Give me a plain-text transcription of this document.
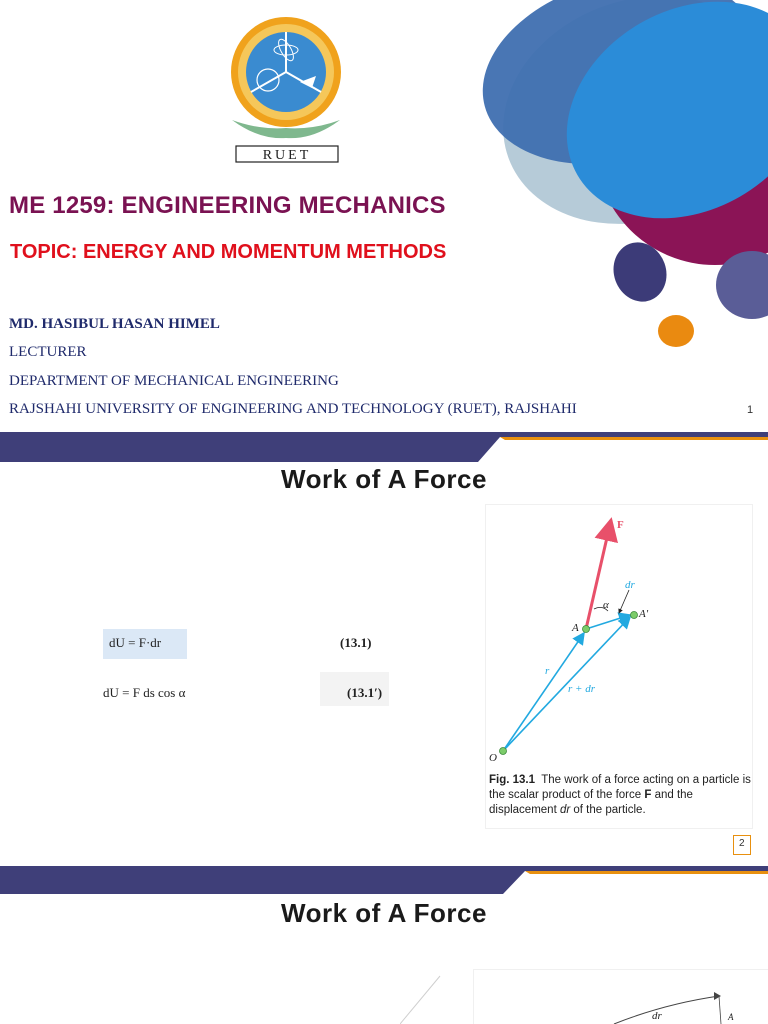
RUET
ME 1259: ENGINEERING MECHANICS
TOPIC: ENERGY AND MOMENTUM METHODS
MD. HASIBUL HASAN HIMEL
LECTURER
DEPARTMENT OF MECHANICAL ENGINEERING
RAJSHAHI UNIVERSITY OF ENGINEERING AND TECHNOLOGY (RUET), RAJSHAHI	1
Work of A Force
dU = F·dr	(13.1)
dU = F ds cos α	(13.1′)
F
dr
α
A
A′
r
r + dr
O
Fig. 13.1 The work of a force acting on a particle is the scalar product of the force F and the displacement dr of the particle.
2
Work of A Force
dr	A
